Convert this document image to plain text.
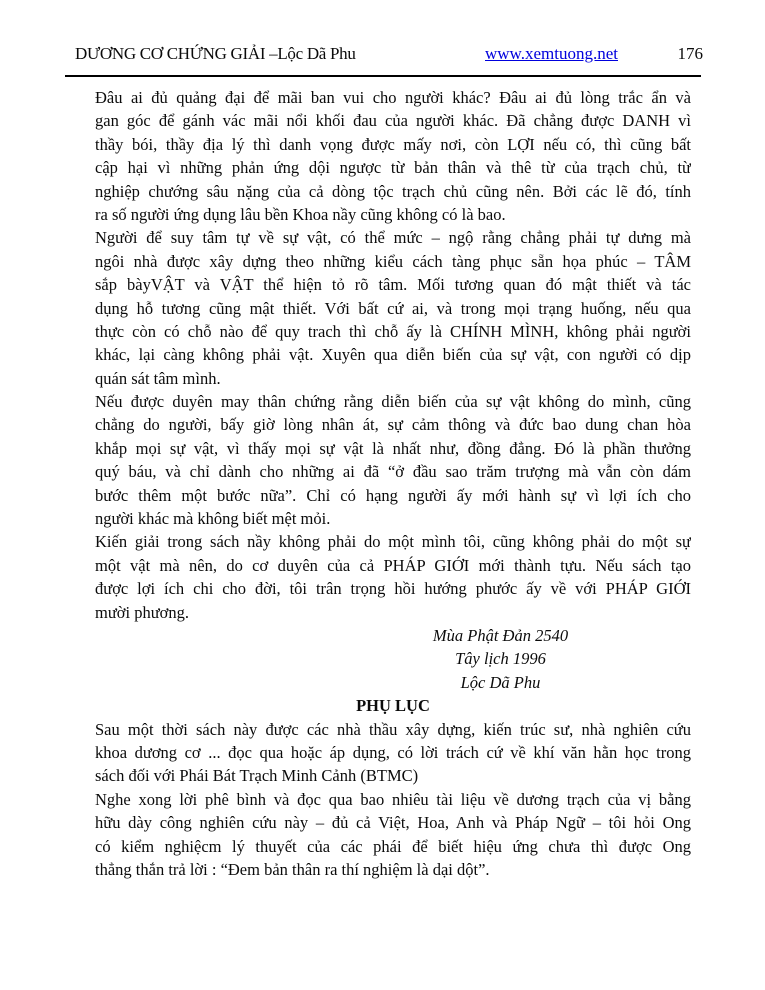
DƯƠNG CƠ CHỨNG GIẢI –Lộc Dã Phu	www.xemtuong.net	176
Đâu ai đủ quảng đại để mãi ban vui cho người khác? Đâu ai đủ lòng trắc ẩn và
gan góc để gánh vác mãi nổi khối đau của người khác. Đã chẳng được DANH vì
thầy bói, thầy địa lý thì danh vọng được mấy nơi, còn LỢI nếu có, thì cũng bất
cập hại vì những phản ứng dội ngược từ bản thân và thê từ của trạch chủ, từ
nghiệp chướng sâu nặng của cả dòng tộc trạch chủ cũng nên. Bởi các lẽ đó, tính
ra số người ứng dụng lâu bền Khoa nầy cũng không có là bao.
Người để suy tâm tự về sự vật, có thể mức – ngộ rằng chẳng phải tự dưng mà
ngôi nhà được xây dựng theo những kiểu cách tàng phục sẵn họa phúc – TÂM
sắp bàyVẬT và VẬT thể hiện tỏ rõ tâm. Mối tương quan đó mật thiết và tác
dụng hỗ tương cũng mật thiết. Với bất cứ ai, và trong mọi trạng huống, nếu qua
thực còn có chỗ nào để quy trach thì chỗ ấy là CHÍNH MÌNH, không phải người
khác, lại càng không phải vật. Xuyên qua diễn biến của sự vật, con người có dịp
quán sát tâm mình.
Nếu được duyên may thân chứng rằng diễn biến của sự vật không do mình, cũng
chẳng do người, bấy giờ lòng nhân át, sự cảm thông và đức bao dung chan hòa
khắp mọi sự vật, vì thấy mọi sự vật là nhất như, đồng đẳng. Đó là phần thưởng
quý báu, và chỉ dành cho những ai đã “ở đầu sao trăm trượng mà vẫn còn dám
bước thêm một bước nữa”. Chỉ có hạng người ấy mới hành sự vì lợi ích cho
người khác mà không biết mệt mỏi.
Kiến giải trong sách nầy không phải do một mình tôi, cũng không phải do một sự
một vật mà nên, do cơ duyên của cả PHÁP GIỚI mới thành tựu. Nếu sách tạo
được lợi ích chi cho đời, tôi trân trọng hồi hướng phước ấy về với PHÁP GIỚI
mười phương.
Mùa Phật Đản 2540
Tây lịch 1996
Lộc Dã Phu
PHỤ LỤC
Sau một thời sách này được các nhà thầu xây dựng, kiến trúc sư, nhà nghiên cứu
khoa dương cơ ... đọc qua hoặc áp dụng, có lời trách cứ về khí văn hằn học trong
sách đối với Phái Bát Trạch Minh Cảnh (BTMC)
Nghe xong lời phê bình và đọc qua bao nhiêu tài liệu về dương trạch của vị bằng
hữu dày công nghiên cứu này – đủ cả Việt, Hoa, Anh và Pháp Ngữ – tôi hỏi Ong
có kiểm nghiệcm lý thuyết của các phái để biết hiệu ứng chưa thì được Ong
thẳng thắn trả lời : “Đem bản thân ra thí nghiệm là dại dột”.
